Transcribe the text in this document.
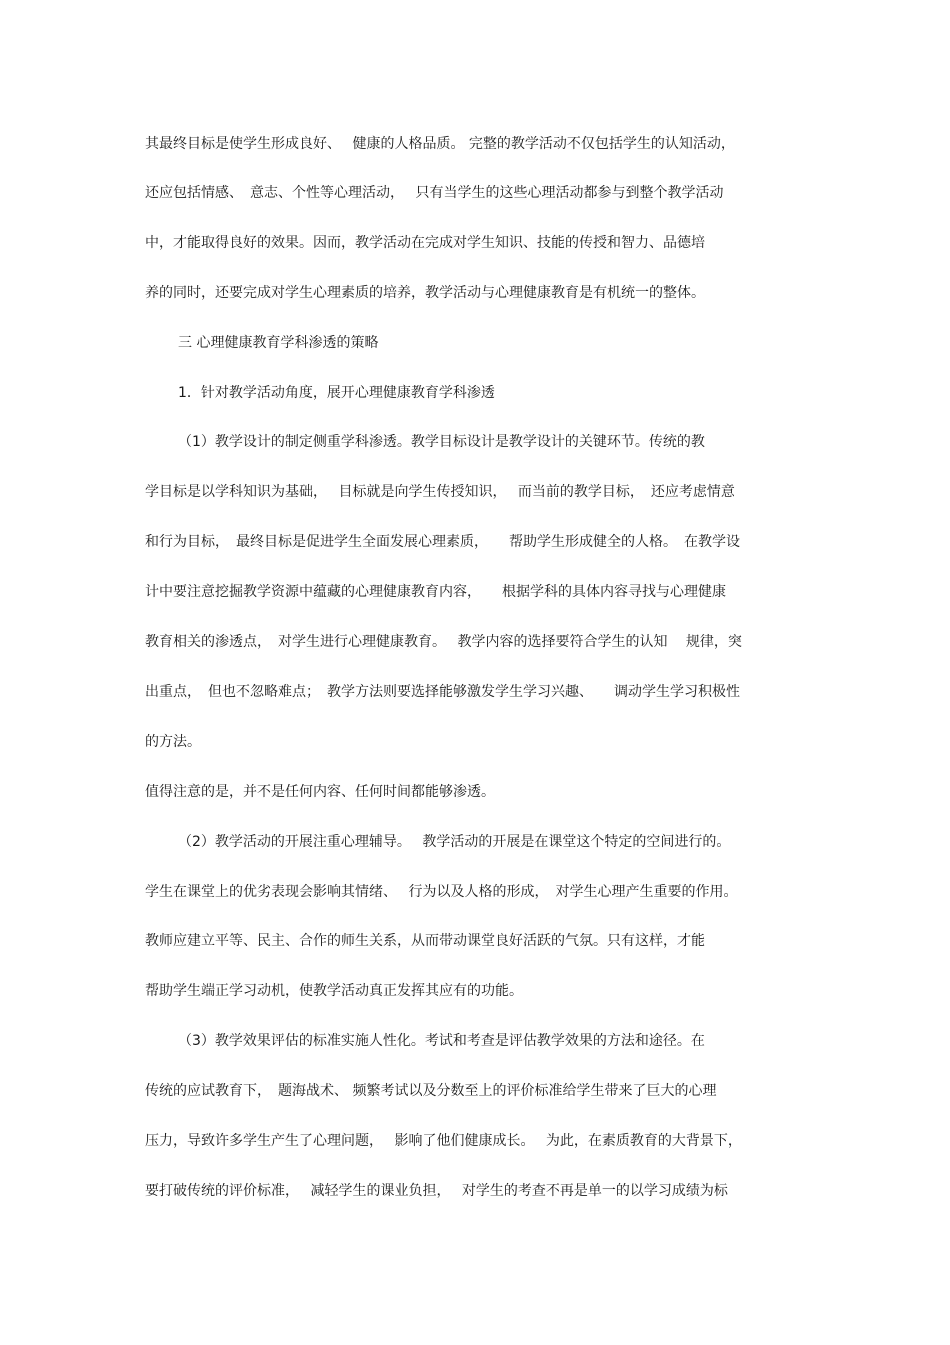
其最终目标是使学生形成良好、　 健康的人格品质。 完整的教学活动不仅包括学生的认知活动，
还应包括情感、　意志、个性等心理活动，　 只有当学生的这些心理活动都参与到整个教学活动
中，才能取得良好的效果。因而，教学活动在完成对学生知识、技能的传授和智力、品德培
养的同时，还要完成对学生心理素质的培养，教学活动与心理健康教育是有机统一的整体。
三 心理健康教育学科渗透的策略
1．针对教学活动角度，展开心理健康教育学科渗透
（1）教学设计的制定侧重学科渗透。教学目标设计是教学设计的关键环节。传统的教
学目标是以学科知识为基础，　 目标就是向学生传授知识，　 而当前的教学目标，　还应考虑情意
和行为目标，　最终目标是促进学生全面发展心理素质，　　帮助学生形成健全的人格。　在教学设
计中要注意挖掘教学资源中蕴藏的心理健康教育内容，　　根据学科的具体内容寻找与心理健康
教育相关的渗透点，　对学生进行心理健康教育。　 教学内容的选择要符合学生的认知　 规律，突
出重点，　但也不忽略难点；　教学方法则要选择能够激发学生学习兴趣、　　调动学生学习积极性
的方法。
值得注意的是，并不是任何内容、任何时间都能够渗透。
（2）教学活动的开展注重心理辅导。　 教学活动的开展是在课堂这个特定的空间进行的。
学生在课堂上的优劣表现会影响其情绪、　 行为以及人格的形成，　对学生心理产生重要的作用。
教师应建立平等、民主、合作的师生关系，从而带动课堂良好活跃的气氛。只有这样，才能
帮助学生端正学习动机，使教学活动真正发挥其应有的功能。
（3）教学效果评估的标准实施人性化。考试和考查是评估教学效果的方法和途径。在
传统的应试教育下，　题海战术、 频繁考试以及分数至上的评价标准给学生带来了巨大的心理
压力，导致许多学生产生了心理问题，　 影响了他们健康成长。　 为此，在素质教育的大背景下，
要打破传统的评价标准，　 减轻学生的课业负担，　 对学生的考查不再是单一的以学习成绩为标
